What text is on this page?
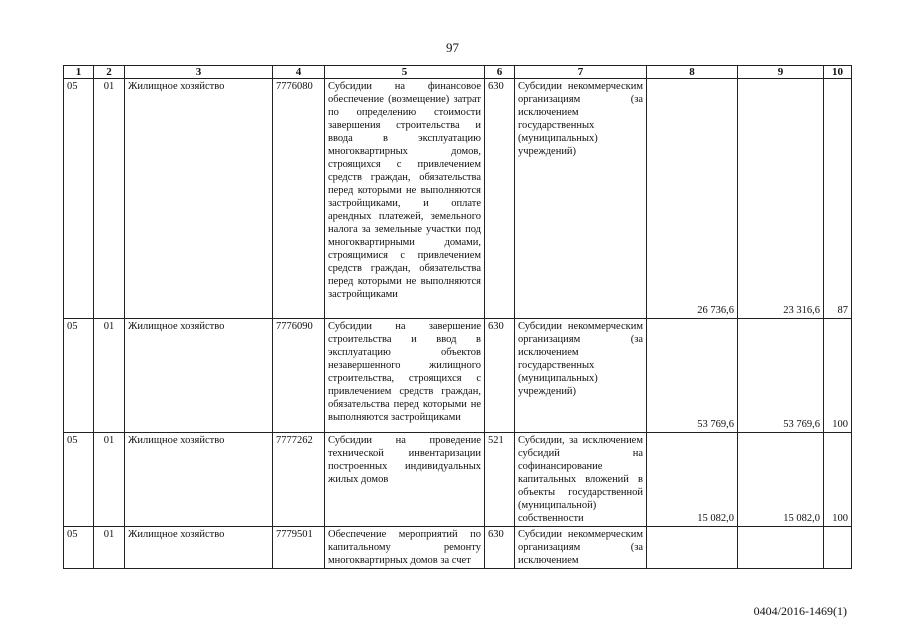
97
1	2	3	4	5	6	7	8	9	10
05	01	Жилищное хозяйство	7776080	Субсидии на финансовое обеспечение (возмещение) затрат по определению стоимости завершения строительства и ввода в эксплуатацию многоквартирных домов, строящихся с привлечением средств граждан, обязательства перед которыми не выполняются застройщиками, и оплате арендных платежей, земельного налога за земельные участки под многоквартирными домами, строящимися с привлечением средств граждан, обязательства перед которыми не выполняются застройщиками	630	Субсидии некоммерческим организациям (за исключением государственных (муниципальных) учреждений)	26 736,6	23 316,6	87
05	01	Жилищное хозяйство	7776090	Субсидии на завершение строительства и ввод в эксплуатацию объектов незавершенного жилищного строительства, строящихся с привлечением средств граждан, обязательства перед которыми не выполняются застройщиками	630	Субсидии некоммерческим организациям (за исключением государственных (муниципальных) учреждений)	53 769,6	53 769,6	100
05	01	Жилищное хозяйство	7777262	Субсидии на проведение технической инвентаризации построенных индивидуальных жилых домов	521	Субсидии, за исключением субсидий на софинансирование капитальных вложений в объекты государственной (муниципальной) собственности	15 082,0	15 082,0	100
05	01	Жилищное хозяйство	7779501	Обеспечение мероприятий по капитальному ремонту многоквартирных домов за счет	630	Субсидии некоммерческим организациям (за исключением			
0404/2016-1469(1)
